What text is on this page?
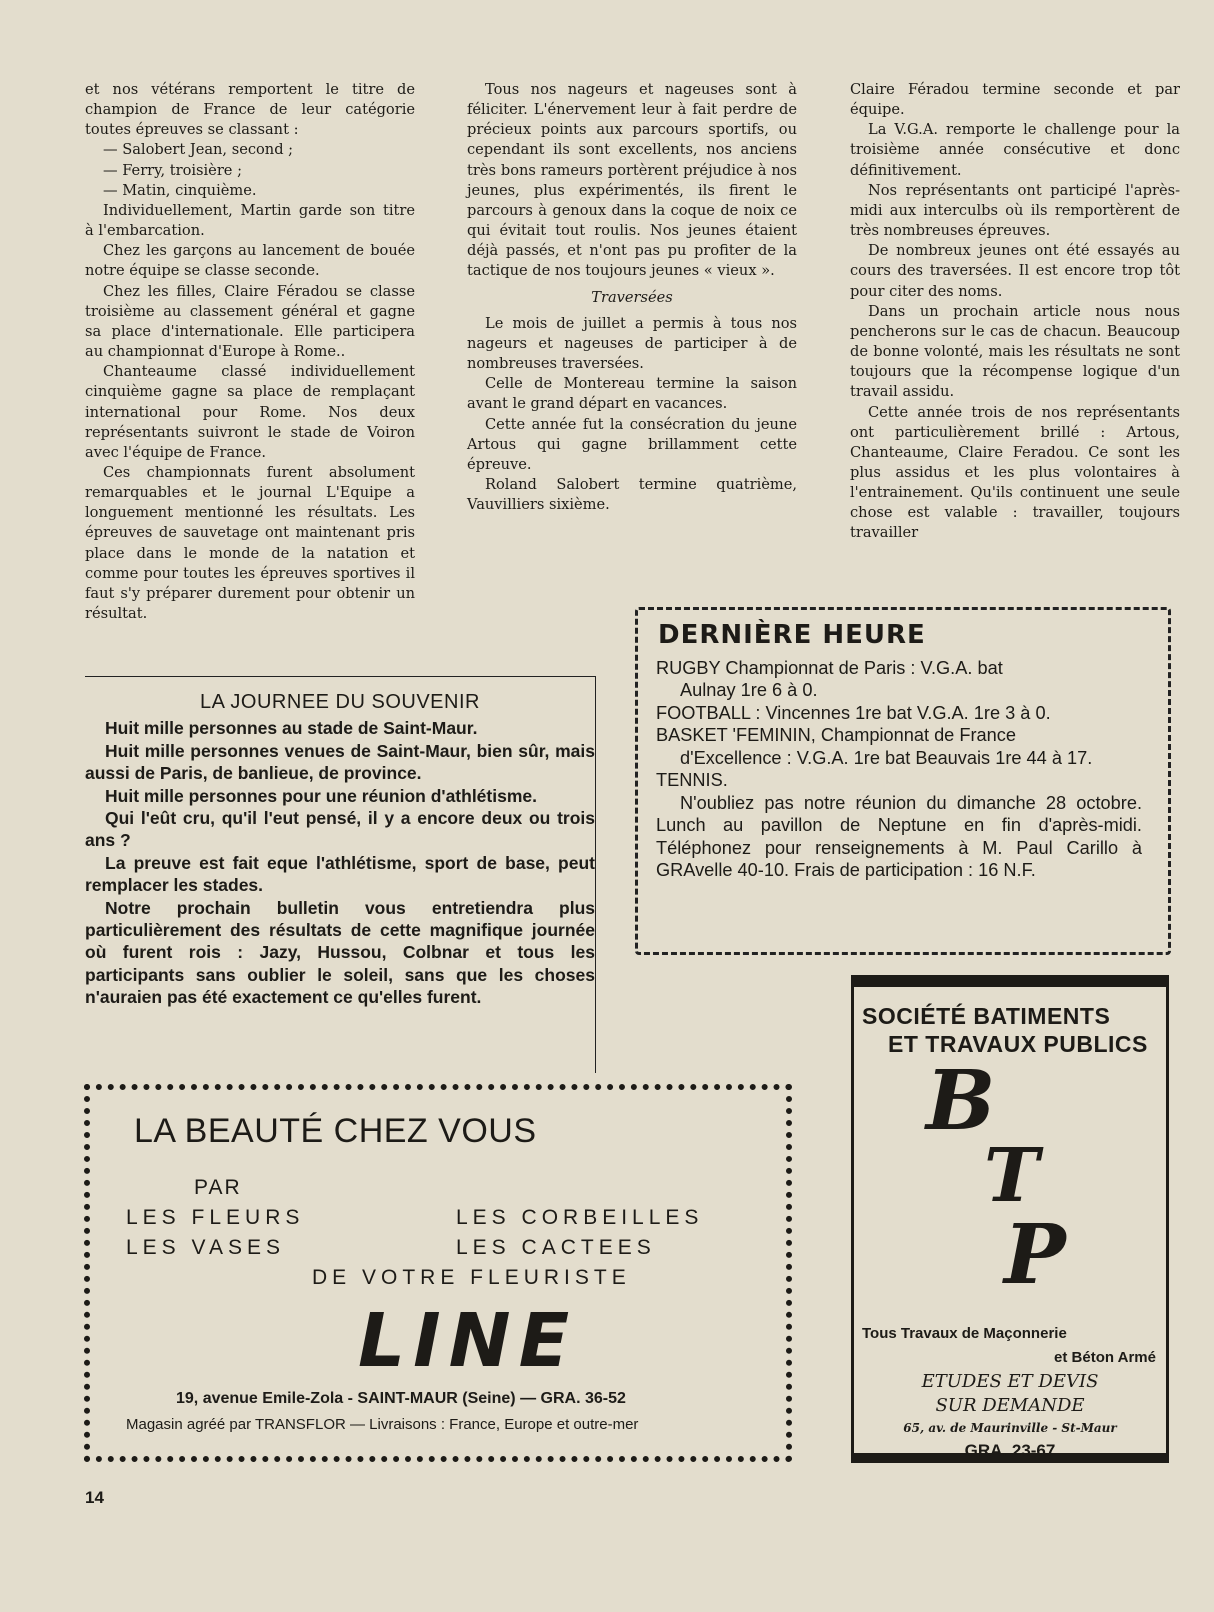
et nos vétérans remportent le titre de champion de France de leur catégorie toutes épreuves se classant :

— Salobert Jean, second ;

— Ferry, troisière ;

— Matin, cinquième.

Individuellement, Martin garde son titre à l'embarcation.

Chez les garçons au lancement de bouée notre équipe se classe seconde.

Chez les filles, Claire Féradou se classe troisième au classement général et gagne sa place d'internationale. Elle participera au championnat d'Europe à Rome..

Chanteaume classé individuellement cinquième gagne sa place de remplaçant international pour Rome. Nos deux représentants suivront le stade de Voiron avec l'équipe de France.

Ces championnats furent absolument remarquables et le journal L'Equipe a longuement mentionné les résultats. Les épreuves de sauvetage ont maintenant pris place dans le monde de la natation et comme pour toutes les épreuves sportives il faut s'y préparer durement pour obtenir un résultat.

Tous nos nageurs et nageuses sont à féliciter. L'énervement leur à fait perdre de précieux points aux parcours sportifs, ou cependant ils sont excellents, nos anciens très bons rameurs portèrent préjudice à nos jeunes, plus expérimentés, ils firent le parcours à genoux dans la coque de noix ce qui évitait tout roulis. Nos jeunes étaient déjà passés, et n'ont pas pu profiter de la tactique de nos toujours jeunes « vieux ».

Traversées

Le mois de juillet a permis à tous nos nageurs et nageuses de participer à de nombreuses traversées.

Celle de Montereau termine la saison avant le grand départ en vacances.

Cette année fut la consécration du jeune Artous qui gagne brillamment cette épreuve.

Roland Salobert termine quatrième, Vauvilliers sixième.

Claire Féradou termine seconde et par équipe.

La V.G.A. remporte le challenge pour la troisième année consécutive et donc définitivement.

Nos représentants ont participé l'après-midi aux interculbs où ils remportèrent de très nombreuses épreuves.

De nombreux jeunes ont été essayés au cours des traversées. Il est encore trop tôt pour citer des noms.

Dans un prochain article nous nous pencherons sur le cas de chacun. Beaucoup de bonne volonté, mais les résultats ne sont toujours que la récompense logique d'un travail assidu.

Cette année trois de nos représentants ont particulièrement brillé : Artous, Chanteaume, Claire Feradou. Ce sont les plus assidus et les plus volontaires à l'entrainement. Qu'ils continuent une seule chose est valable : travailler, toujours travailler

LA JOURNEE DU SOUVENIR

Huit mille personnes au stade de Saint-Maur.

Huit mille personnes venues de Saint-Maur, bien sûr, mais aussi de Paris, de banlieue, de province.

Huit mille personnes pour une réunion d'athlétisme.

Qui l'eût cru, qu'il l'eut pensé, il y a encore deux ou trois ans ?

La preuve est fait eque l'athlétisme, sport de base, peut remplacer les stades.

Notre prochain bulletin vous entretiendra plus particulièrement des résultats de cette magnifique journée où furent rois : Jazy, Hussou, Colbnar et tous les participants sans oublier le soleil, sans que les choses n'auraien pas été exactement ce qu'elles furent.

DERNIÈRE HEURE

RUGBY Championnat de Paris : V.G.A. bat

Aulnay 1re 6 à 0.

FOOTBALL : Vincennes 1re bat V.G.A. 1re 3 à 0.

BASKET 'FEMININ, Championnat de France

d'Excellence : V.G.A. 1re bat Beauvais 1re 44 à 17.

TENNIS.

N'oubliez pas notre réunion du dimanche 28 octobre. Lunch au pavillon de Neptune en fin d'après-midi. Téléphonez pour renseignements à M. Paul Carillo à GRAvelle 40-10. Frais de participation : 16 N.F.

LA BEAUTÉ CHEZ VOUS
PAR
LES FLEURS	LES CORBEILLES
LES VASES	LES CACTEES
DE VOTRE FLEURISTE
LINE
19, avenue Emile-Zola - SAINT-MAUR (Seine) — GRA. 36-52
Magasin agréé par TRANSFLOR — Livraisons : France, Europe et outre-mer
SOCIÉTÉ BATIMENTS
ET TRAVAUX PUBLICS
B
T
P
Tous Travaux de Maçonnerie
et Béton Armé
ETUDES ET DEVIS
SUR DEMANDE
65, av. de Maurinville - St-Maur
GRA. 23-67
14
